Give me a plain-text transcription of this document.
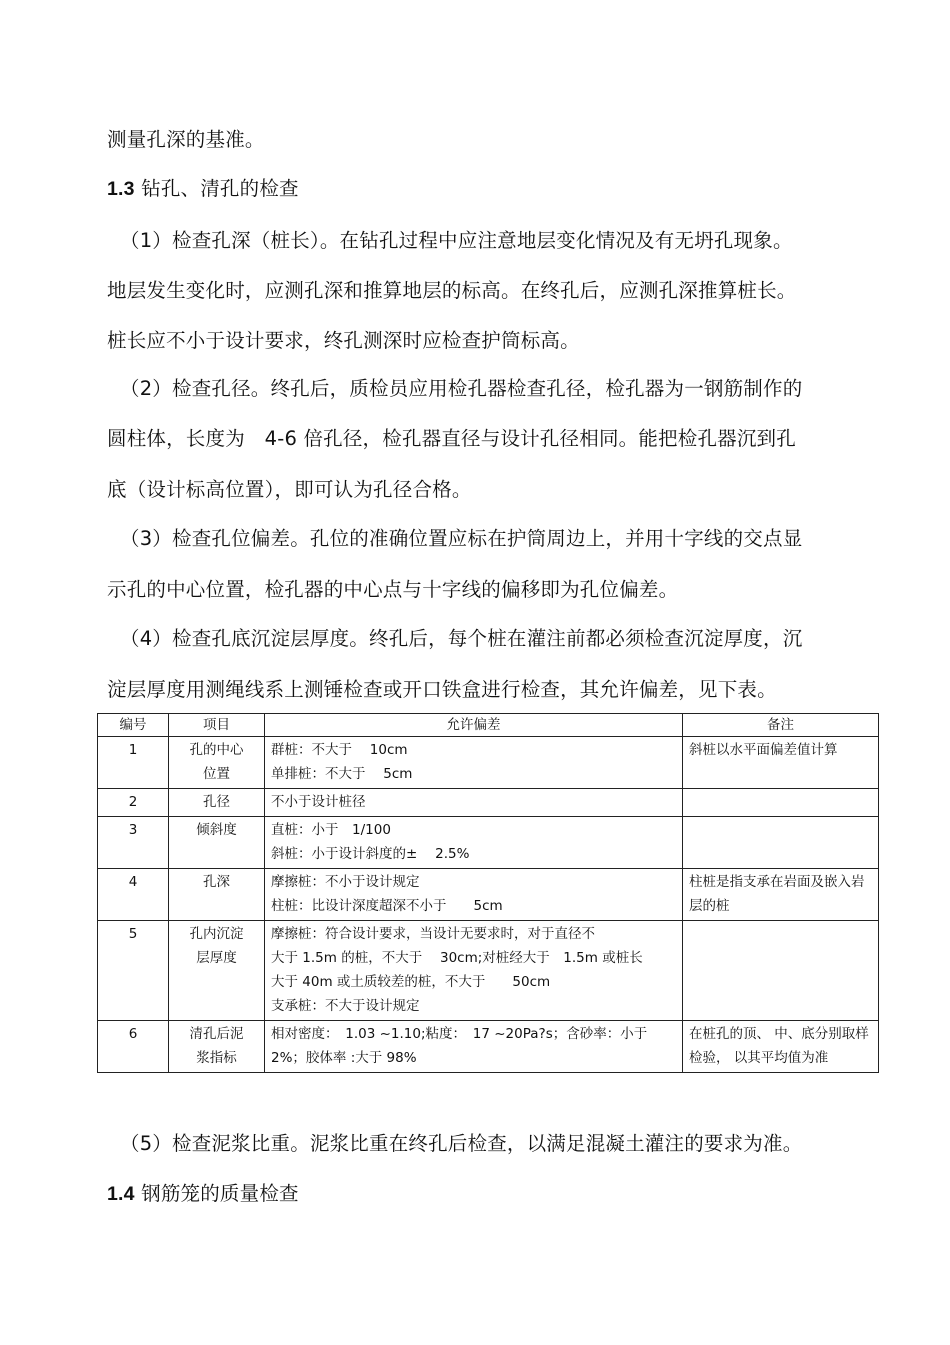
测量孔深的基准。
1.3 钻孔、清孔的检查
（1）检查孔深（桩长）。在钻孔过程中应注意地层变化情况及有无坍孔现象。
地层发生变化时，应测孔深和推算地层的标高。在终孔后，应测孔深推算桩长。
桩长应不小于设计要求，终孔测深时应检查护筒标高。
（2）检查孔径。终孔后，质检员应用检孔器检查孔径，检孔器为一钢筋制作的
圆柱体，长度为　4-6 倍孔径，检孔器直径与设计孔径相同。能把检孔器沉到孔
底（设计标高位置），即可认为孔径合格。
（3）检查孔位偏差。孔位的准确位置应标在护筒周边上，并用十字线的交点显
示孔的中心位置，检孔器的中心点与十字线的偏移即为孔位偏差。
（4）检查孔底沉淀层厚度。终孔后，每个桩在灌注前都必须检查沉淀厚度，沉
淀层厚度用测绳线系上测锤检查或开口铁盒进行检查，其允许偏差，见下表。
编号	项目	允许偏差	备注
1	孔的中心
位置	群桩：不大于　 10cm
单排桩：不大于　 5cm	斜桩以水平面偏差值计算

2	孔径	不小于设计桩径	

3	倾斜度	直桩：小于　1/100
斜桩：小于设计斜度的±　 2.5%	

4	孔深	摩擦桩：不小于设计规定
柱桩：比设计深度超深不小于　　5cm	柱桩是指支承在岩面及嵌入岩层的桩

5	孔内沉淀
层厚度	摩擦桩：符合设计要求，当设计无要求时，对于直径不
大于 1.5m 的桩，不大于　 30cm;对桩经大于　1.5m 或桩长
大于 40m 或土质较差的桩，不大于　　50cm
支承桩：不大于设计规定	

6	清孔后泥
浆指标	相对密度：　1.03 ~1.10;粘度：　17 ~20Pa?s；含砂率：小于
2%；胶体率 :大于 98%	在桩孔的顶、 中、底分别取样检验， 以其平均值为准
（5）检查泥浆比重。泥浆比重在终孔后检查，以满足混凝土灌注的要求为准。
1.4 钢筋笼的质量检查
